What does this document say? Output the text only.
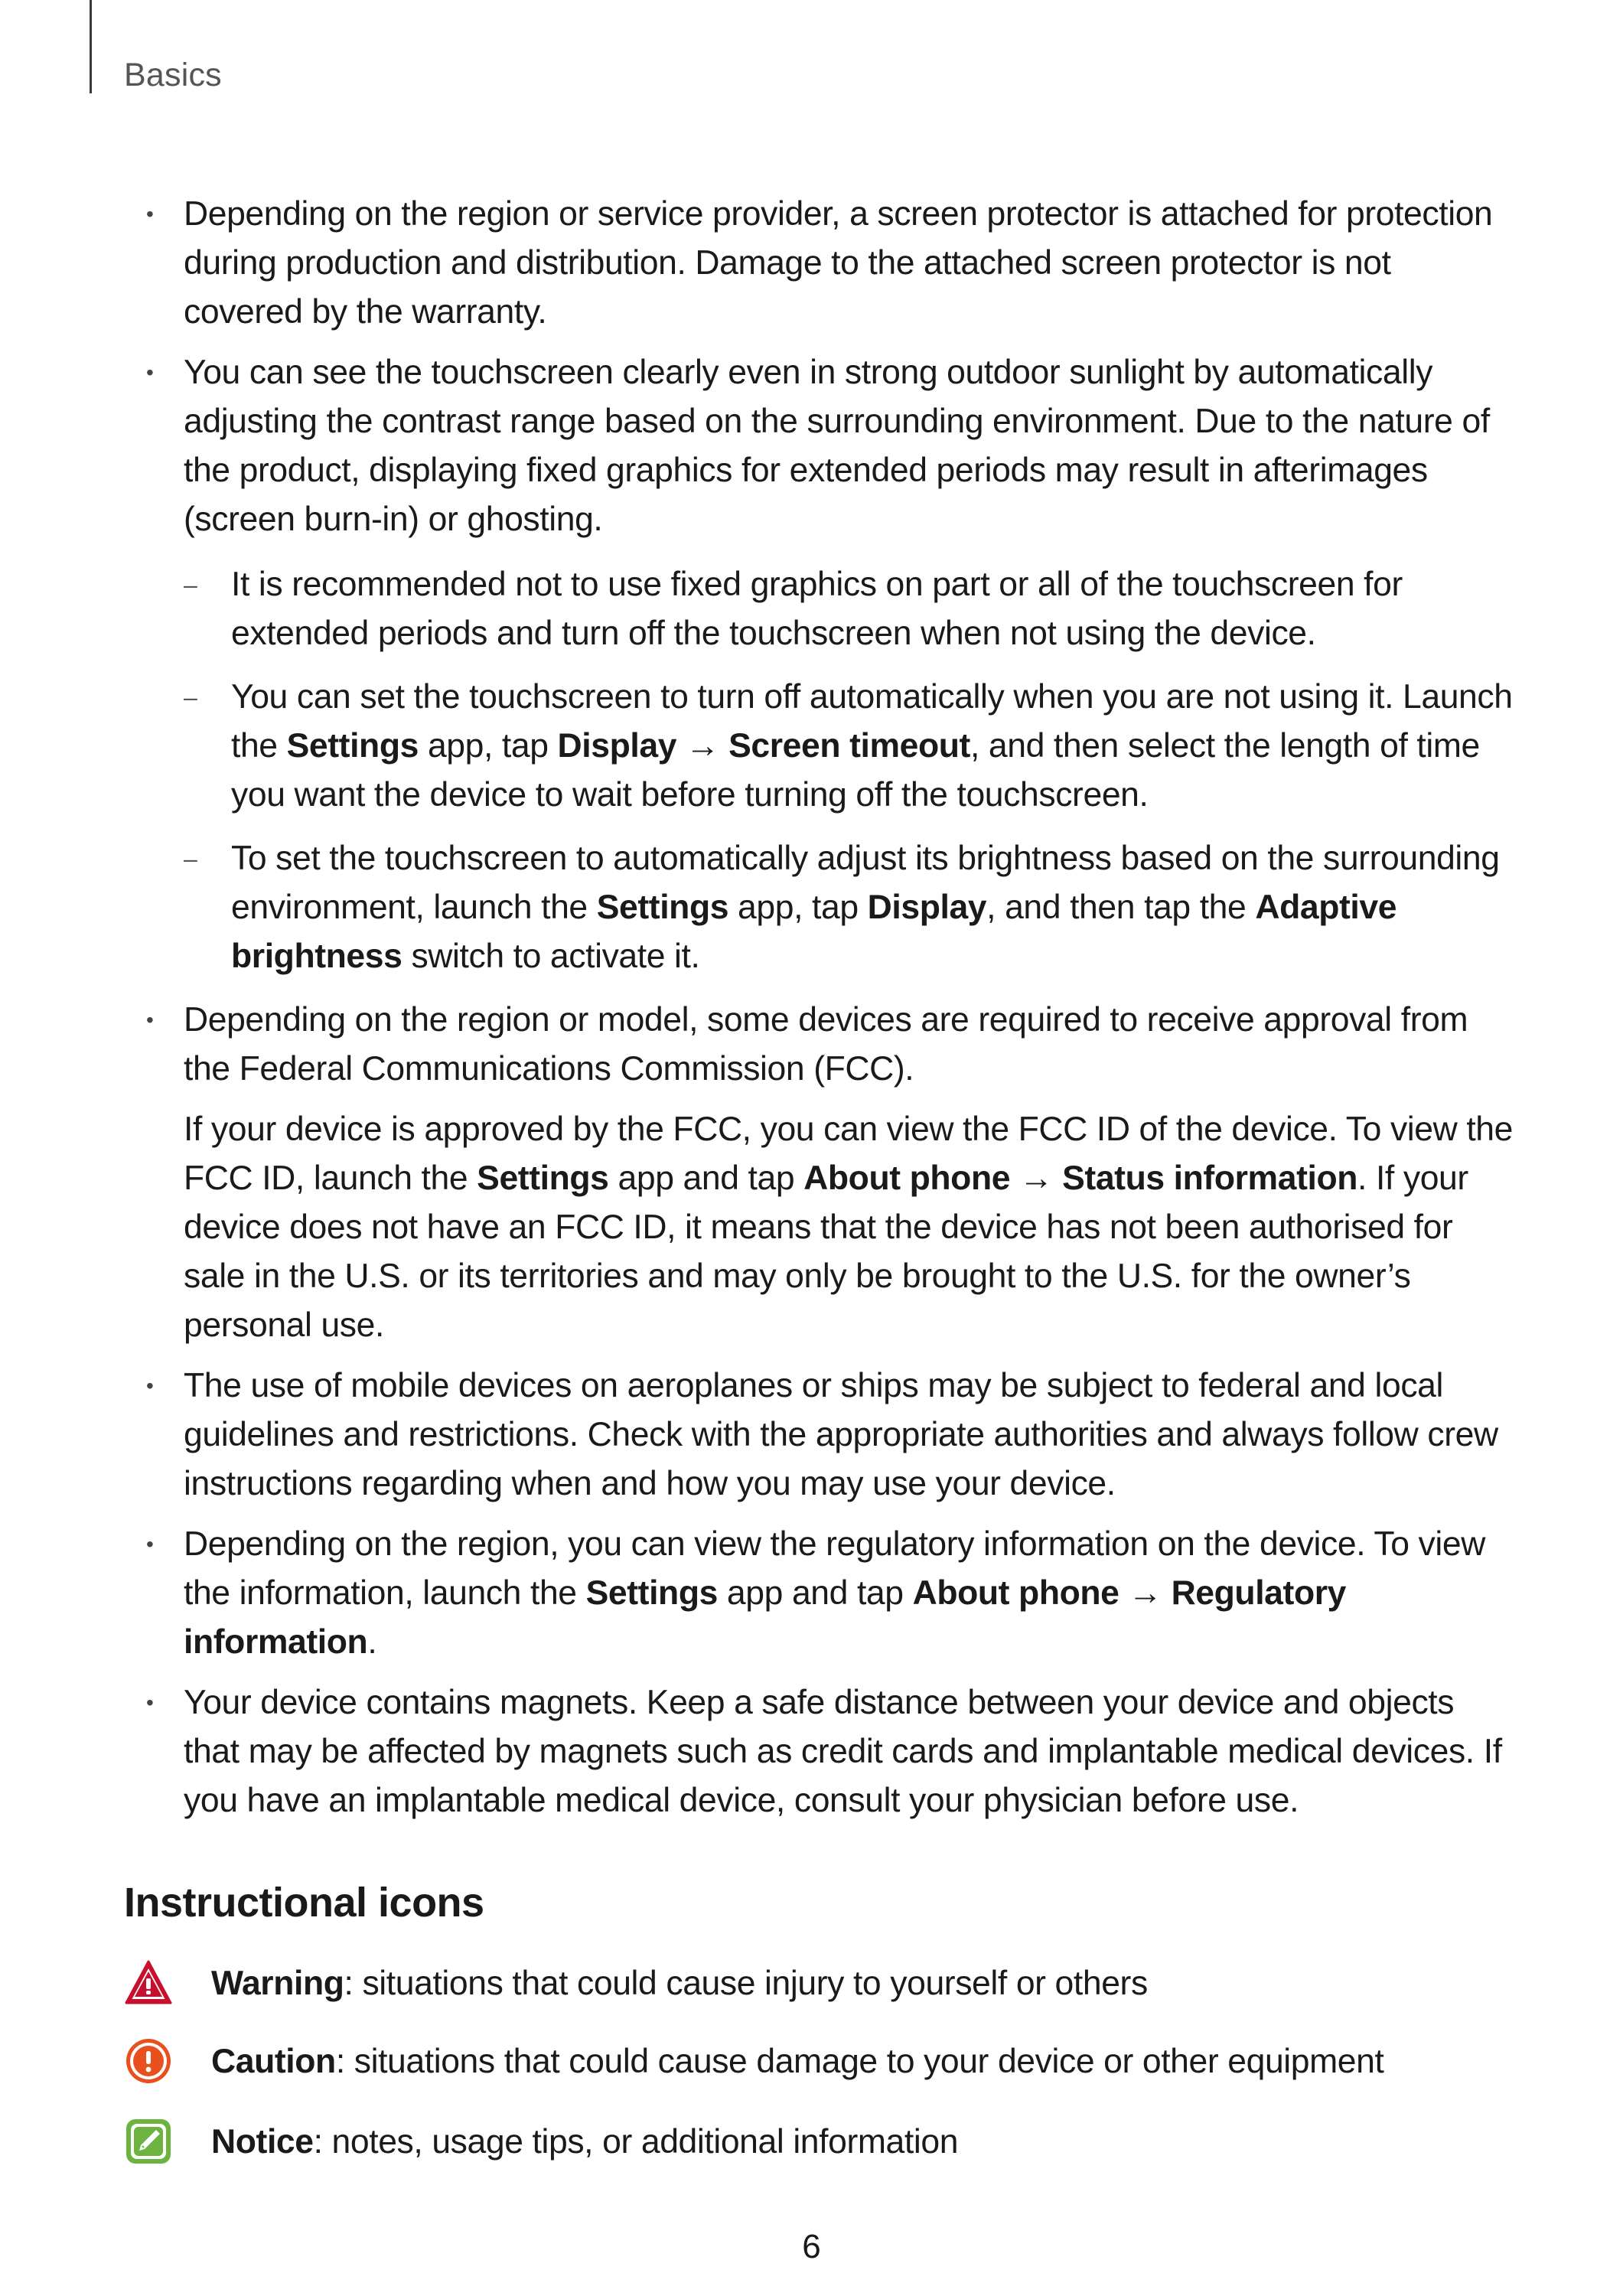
Basics
• Depending on the region or service provider, a screen protector is attached for protection during production and distribution. Damage to the attached screen protector is not covered by the warranty.
• You can see the touchscreen clearly even in strong outdoor sunlight by automatically adjusting the contrast range based on the surrounding environment. Due to the nature of the product, displaying fixed graphics for extended periods may result in afterimages (screen burn-in) or ghosting.
– It is recommended not to use fixed graphics on part or all of the touchscreen for extended periods and turn off the touchscreen when not using the device.
– You can set the touchscreen to turn off automatically when you are not using it. Launch the Settings app, tap Display → Screen timeout, and then select the length of time you want the device to wait before turning off the touchscreen.
– To set the touchscreen to automatically adjust its brightness based on the surrounding environment, launch the Settings app, tap Display, and then tap the Adaptive brightness switch to activate it.
• Depending on the region or model, some devices are required to receive approval from the Federal Communications Commission (FCC).
If your device is approved by the FCC, you can view the FCC ID of the device. To view the FCC ID, launch the Settings app and tap About phone → Status information. If your device does not have an FCC ID, it means that the device has not been authorised for sale in the U.S. or its territories and may only be brought to the U.S. for the owner’s personal use.
• The use of mobile devices on aeroplanes or ships may be subject to federal and local guidelines and restrictions. Check with the appropriate authorities and always follow crew instructions regarding when and how you may use your device.
• Depending on the region, you can view the regulatory information on the device. To view the information, launch the Settings app and tap About phone → Regulatory information.
• Your device contains magnets. Keep a safe distance between your device and objects that may be affected by magnets such as credit cards and implantable medical devices. If you have an implantable medical device, consult your physician before use.
Instructional icons
Warning: situations that could cause injury to yourself or others
Caution: situations that could cause damage to your device or other equipment
Notice: notes, usage tips, or additional information
6
